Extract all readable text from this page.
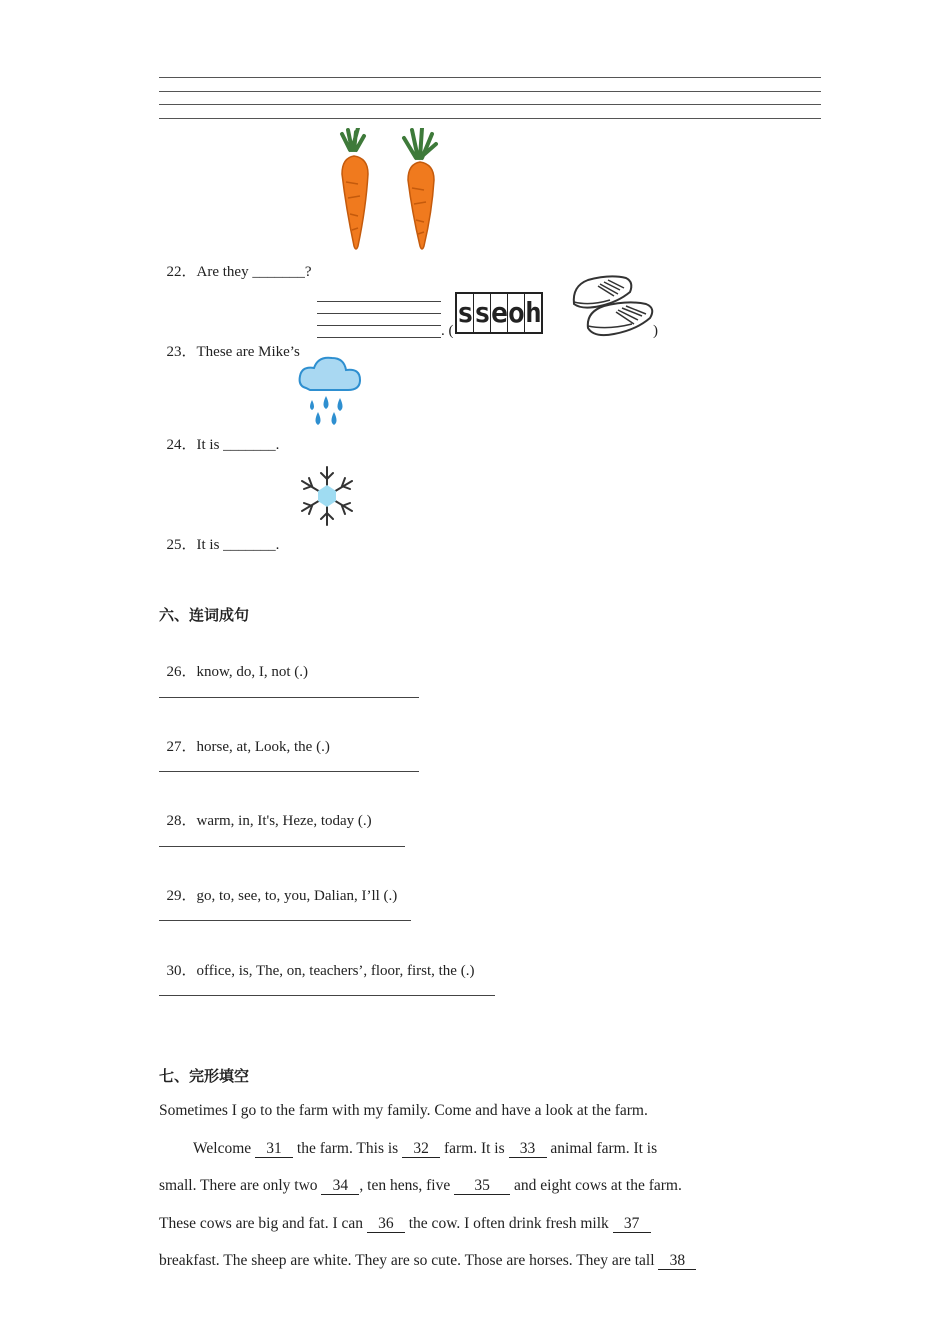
22．Are they _______?

23．These are Mike’s

. (
s s e o h
)

24．It is _______.

25．It is _______.

六、连词成句

26．know, do, I, not (.)

27．horse, at, Look, the (.)

28．warm, in, It's, Heze, today (.)

29．go, to, see, to, you, Dalian, I’ll (.)

30．office, is, The, on, teachers’, floor, first, the (.)

七、完形填空
Sometimes I go to the farm with my family. Come and have a look at the farm.
Welcome 31 the farm. This is 32 farm. It is 33 animal farm. It is
small. There are only two 34 , ten hens, five 35 and eight cows at the farm.
These cows are big and fat. I can 36 the cow. I often drink fresh milk 37
breakfast. The sheep are white. They are so cute. Those are horses. They are tall 38
